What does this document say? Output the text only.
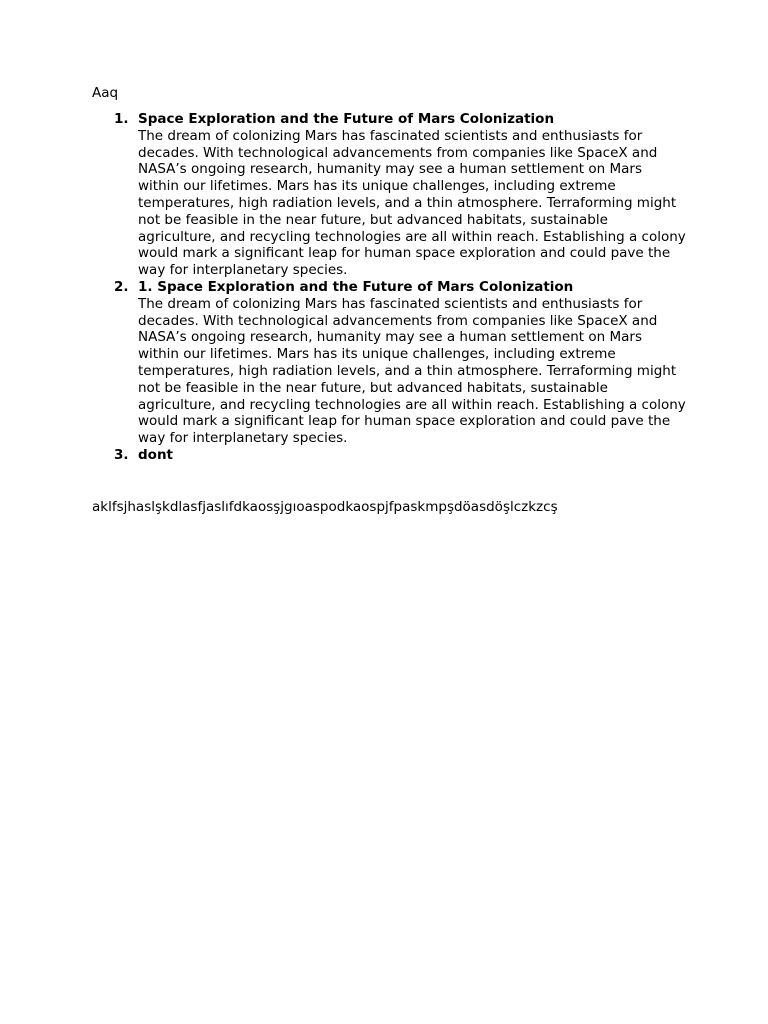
Aaq
1. Space Exploration and the Future of Mars Colonization
The dream of colonizing Mars has fascinated scientists and enthusiasts for decades. With technological advancements from companies like SpaceX and NASA’s ongoing research, humanity may see a human settlement on Mars within our lifetimes. Mars has its unique challenges, including extreme temperatures, high radiation levels, and a thin atmosphere. Terraforming might not be feasible in the near future, but advanced habitats, sustainable agriculture, and recycling technologies are all within reach. Establishing a colony would mark a significant leap for human space exploration and could pave the way for interplanetary species.
2. 1. Space Exploration and the Future of Mars Colonization
The dream of colonizing Mars has fascinated scientists and enthusiasts for decades. With technological advancements from companies like SpaceX and NASA’s ongoing research, humanity may see a human settlement on Mars within our lifetimes. Mars has its unique challenges, including extreme temperatures, high radiation levels, and a thin atmosphere. Terraforming might not be feasible in the near future, but advanced habitats, sustainable agriculture, and recycling technologies are all within reach. Establishing a colony would mark a significant leap for human space exploration and could pave the way for interplanetary species.
3. dont
aklfsjhaslşkdlasfjaslıfdkaosşjgıoaspodkaospjfpaskmpşdöasdöşlczkzcş
